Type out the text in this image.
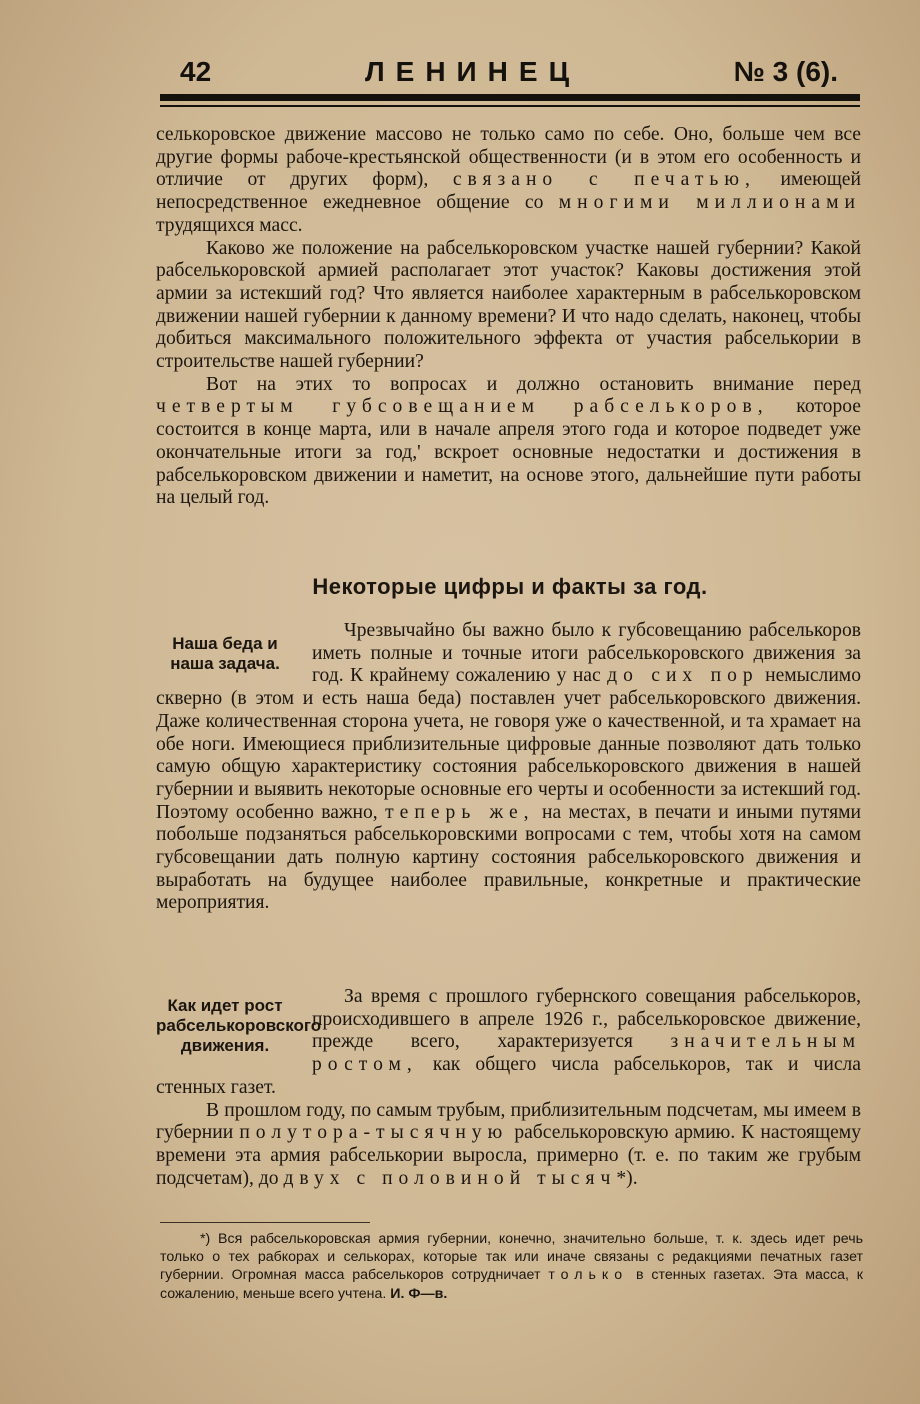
42	ЛЕНИНЕЦ	№ 3 (6).

селькоровское движение массово не только само по себе. Оно, больше чем все другие формы рабоче-крестьянской общественности (и в этом его особенность и отличие от других форм), связано с печатью, имеющей непосредственное ежедневное общение со многими миллионами трудящихся масс.

Каково же положение на рабселькоровском участке нашей губернии? Какой рабселькоровской армией располагает этот участок? Каковы достижения этой армии за истекший год? Что является наиболее характерным в рабселькоровском движении нашей губернии к данному времени? И что надо сделать, наконец, чтобы добиться максимального положительного эффекта от участия рабселькории в строительстве нашей губернии?

Вот на этих то вопросах и должно остановить внимание перед четвертым губсовещанием рабселькоров, которое состоится в конце марта, или в начале апреля этого года и которое подведет уже окончательные итоги за год,' вскроет основные недостатки и достижения в рабселькоровском движении и наметит, на основе этого, дальнейшие пути работы на целый год.

Некоторые цифры и факты за год.
Наша беда и наша задача.

Чрезвычайно бы важно было к губсовещанию рабселькоров иметь полные и точные итоги рабселькоровского движения за год. К крайнему сожалению у нас до сих пор немыслимо скверно (в этом и есть наша беда) поставлен учет рабселькоровского движения. Даже количественная сторона учета, не говоря уже о качественной, и та храмает на обе ноги. Имеющиеся приблизительные цифровые данные позволяют дать только самую общую характеристику состояния рабселькоровского движения в нашей губернии и выявить некоторые основные его черты и особенности за истекший год. Поэтому особенно важно, теперь же, на местах, в печати и иными путями побольше подзаняться рабселькоровскими вопросами с тем, чтобы хотя на самом губсовещании дать полную картину состояния рабселькоровского движения и выработать на будущее наиболее правильные, конкретные и практические мероприятия.

Как идет рост рабселькоровского движения.

За время с прошлого губернского совещания рабселькоров, происходившего в апреле 1926 г., рабселькоровское движение, прежде всего, характеризуется значительным ростом, как общего числа рабселькоров, так и числа стенных газет.

В прошлом году, по самым трубым, приблизительным подсчетам, мы имеем в губернии полутора-тысячную рабселькоровскую армию. К настоящему времени эта армия рабселькории выросла, примерно (т. е. по таким же грубым подсчетам), до двух с половиной тысяч*).

*) Вся рабселькоровская армия губернии, конечно, значительно больше, т. к. здесь идет речь только о тех рабкорах и селькорах, которые так или иначе связаны с редакциями печатных газет губернии. Огромная масса рабселькоров сотрудничает только в стенных газетах. Эта масса, к сожалению, меньше всего учтена. И. Ф—в.
